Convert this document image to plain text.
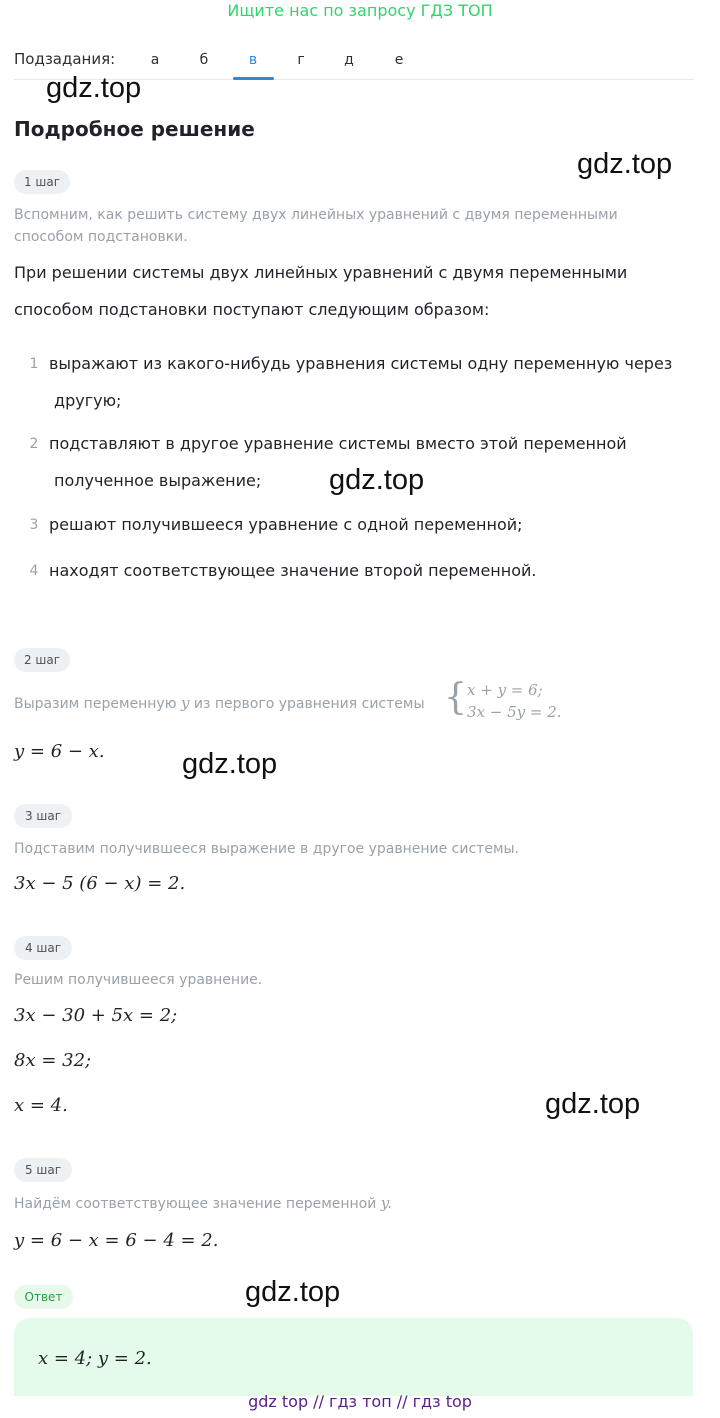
Ищите нас по запросу ГДЗ ТОП
Подзадания:	а	б	в	г	д	е
gdz.top
gdz.top
gdz.top
gdz.top
gdz.top
gdz.top
Подробное решение
1 шаг
Вспомним, как решить систему двух линейных уравнений с двумя переменными способом подстановки.
При решении системы двух линейных уравнений с двумя переменными
способом подстановки поступают следующим образом:
1 выражают из какого-нибудь уравнения системы одну переменную через
другую;
2 подставляют в другое уравнение системы вместо этой переменной
полученное выражение;
3 решают получившееся уравнение с одной переменной;
4 находят соответствующее значение второй переменной.
2 шаг
Выразим переменную y из первого уравнения системы { x + y = 6;
3x − 5y = 2.
y = 6 − x.
3 шаг
Подставим получившееся выражение в другое уравнение системы.
3x − 5 (6 − x) = 2.
4 шаг
Решим получившееся уравнение.
3x − 30 + 5x = 2;
8x = 32;
x = 4.
5 шаг
Найдём соответствующее значение переменной y.
y = 6 − x = 6 − 4 = 2.
Ответ
x = 4; y = 2.
gdz top // гдз топ // гдз top
